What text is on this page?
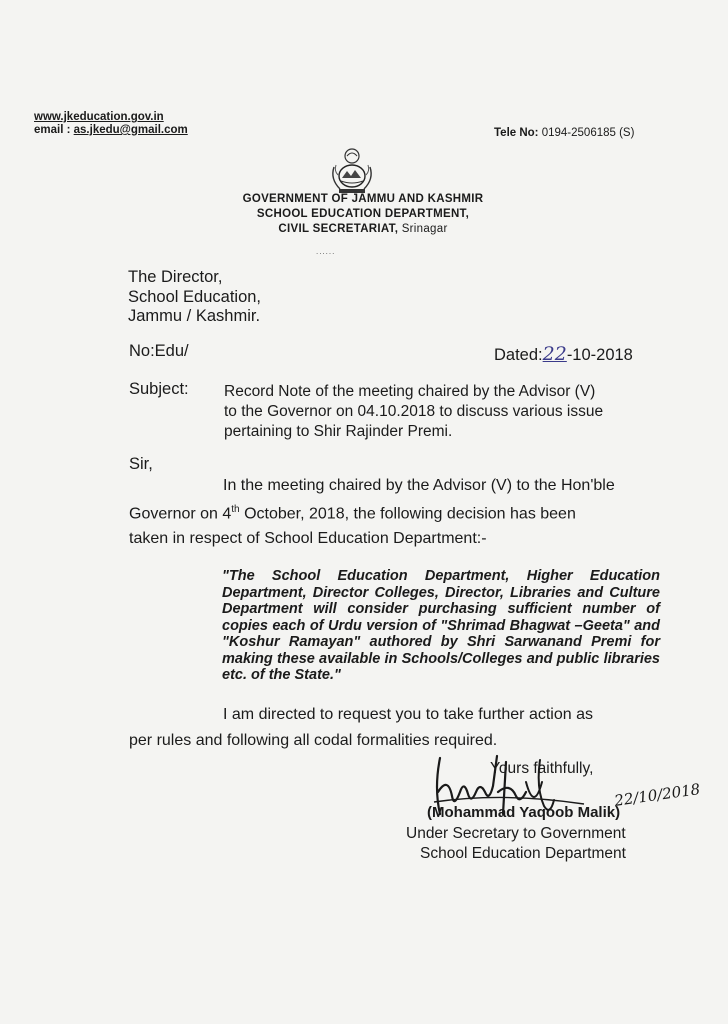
www.jkeducation.gov.in
email : as.jkedu@gmail.com	Tele No: 0194-2506185 (S)
GOVERNMENT OF JAMMU AND KASHMIR
SCHOOL EDUCATION DEPARTMENT,
CIVIL SECRETARIAT, Srinagar
......
The Director,
School Education,
Jammu / Kashmir.
No:Edu/	Dated:22-10-2018
Subject: Record Note of the meeting chaired by the Advisor (V)
to the Governor on 04.10.2018 to discuss various issue
pertaining to Shir Rajinder Premi.
Sir,
In the meeting chaired by the Advisor (V) to the Hon'ble
Governor on 4th October, 2018, the following decision has been
taken in respect of School Education Department:-
"The School Education Department, Higher Education Department, Director Colleges, Director, Libraries and Culture Department will consider purchasing sufficient number of copies each of Urdu version of "Shrimad Bhagwat –Geeta" and "Koshur Ramayan" authored by Shri Sarwanand Premi for making these available in Schools/Colleges and public libraries etc. of the State."
I am directed to request you to take further action as
per rules and following all codal formalities required.
Yours faithfully,
22/10/2018
(Mohammad Yaqoob Malik)
Under Secretary to Government
School Education Department
